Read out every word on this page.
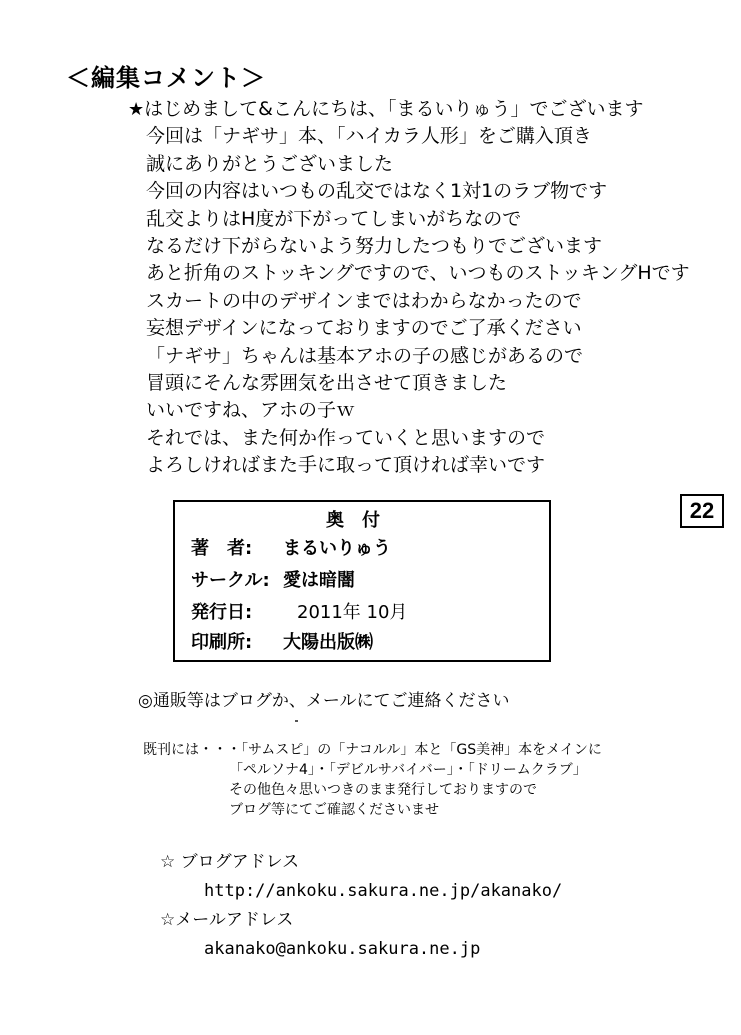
＜編集コメント＞
★はじめまして&こんにちは、「まるいりゅう」でございます
今回は「ナギサ」本、「ハイカラ人形」をご購入頂き
誠にありがとうございました
今回の内容はいつもの乱交ではなく1対1のラブ物です
乱交よりはH度が下がってしまいがちなので
なるだけ下がらないよう努力したつもりでございます
あと折角のストッキングですので、いつものストッキングHです
スカートの中のデザインまではわからなかったので
妄想デザインになっておりますのでご了承ください
「ナギサ」ちゃんは基本アホの子の感じがあるので
冒頭にそんな雰囲気を出させて頂きました
いいですね、アホの子ｗ
それでは、また何か作っていくと思いますので
よろしければまた手に取って頂ければ幸いです
22
奥付
著　者: まるいりゅう
サークル: 愛は暗闇
発行日: 2011年 10月
印刷所: 大陽出版㈱
◎通販等はブログか、メールにてご連絡ください
既刊には・・・「サムスピ」の「ナコルル」本と「GS美神」本をメインに
「ペルソナ4」・「デビルサバイバー」・「ドリームクラブ」
その他色々思いつきのまま発行しておりますので
ブログ等にてご確認くださいませ
☆ ブログアドレス
http://ankoku.sakura.ne.jp/akanako/
☆メールアドレス
akanako@ankoku.sakura.ne.jp
